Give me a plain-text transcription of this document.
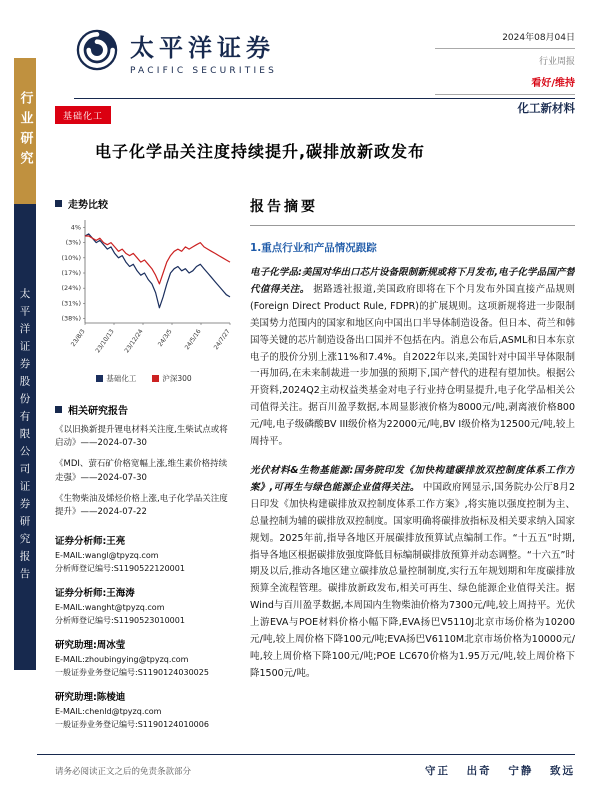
行业研究
太平洋证券股份有限公司证券研究报告
太平洋证券
PACIFIC SECURITIES
2024年08月04日
行业周报
看好/维持
化工新材料
基础化工
电子化学品关注度持续提升,碳排放新政发布
走势比较
4%
(3%)
(10%)
(17%)
(24%)
(31%)
(38%)
23/8/3 23/10/13 23/12/24 24/3/5 24/5/16 24/7/27
基础化工	沪深300
相关研究报告
《以旧换新提升锂电材料关注度,生柴试点或将启动》——2024-07-30
《MDI、萤石矿价格宽幅上涨,维生素价格持续走强》——2024-07-30
《生物柴油及烯烃价格上涨,电子化学品关注度提升》——2024-07-22
证券分析师:王亮
E-MAIL:wangl@tpyzq.com
分析师登记编号:S1190522120001
证券分析师:王海涛
E-MAIL:wanght@tpyzq.com
分析师登记编号:S1190523010001
研究助理:周冰莹
E-MAIL:zhoubingying@tpyzq.com
一般证券业务登记编号:S1190124030025
研究助理:陈棱迪
E-MAIL:chenld@tpyzq.com
一般证券业务登记编号:S1190124010006
报告摘要
1.重点行业和产品情况跟踪

电子化学品:美国对华出口芯片设备限制新规或将下月发布,电子化学品国产替代值得关注。 据路透社报道,美国政府即将在下个月发布外国直接产品规则(Foreign Direct Product Rule, FDPR)的扩展规则。这项新规将进一步限制美国势力范围内的国家和地区向中国出口半导体制造设备。但日本、荷兰和韩国等关键的芯片制造设备出口国并不包括在内。消息公布后,ASML和日本东京电子的股价分别上涨11%和7.4%。自2022年以来,美国针对中国半导体限制一再加码,在未来制裁进一步加强的预期下,国产替代的进程有望加快。根据公开资料,2024Q2主动权益类基金对电子行业持仓明显提升,电子化学品相关公司值得关注。据百川盈孚数据,本周显影液价格为8000元/吨,剥离液价格800元/吨,电子级磷酸BV III级价格为22000元/吨,BV I级价格为12500元/吨,较上周持平。

光伏材料&生物基能源:国务院印发《加快构建碳排放双控制度体系工作方案》,可再生与绿色能源企业值得关注。 中国政府网显示,国务院办公厅8月2日印发《加快构建碳排放双控制度体系工作方案》,将实施以强度控制为主、总量控制为辅的碳排放双控制度。国家明确将碳排放指标及相关要求纳入国家规划。2025年前,指导各地区开展碳排放预算试点编制工作。“十五五”时期,指导各地区根据碳排放强度降低目标编制碳排放预算并动态调整。“十六五”时期及以后,推动各地区建立碳排放总量控制制度,实行五年规划期和年度碳排放预算全流程管理。碳排放新政发布,相关可再生、绿色能源企业值得关注。据Wind与百川盈孚数据,本周国内生物柴油价格为7300元/吨,较上周持平。光伏上游EVA与POE材料价格小幅下降,EVA扬巴V5110J北京市场价格为10200元/吨,较上周价格下降100元/吨;EVA扬巴V6110M北京市场价格为10000元/吨,较上周价格下降100元/吨;POE LC670价格为1.95万元/吨,较上周价格下降1500元/吨。

请务必阅读正文之后的免责条款部分	守正 出奇 宁静 致远
